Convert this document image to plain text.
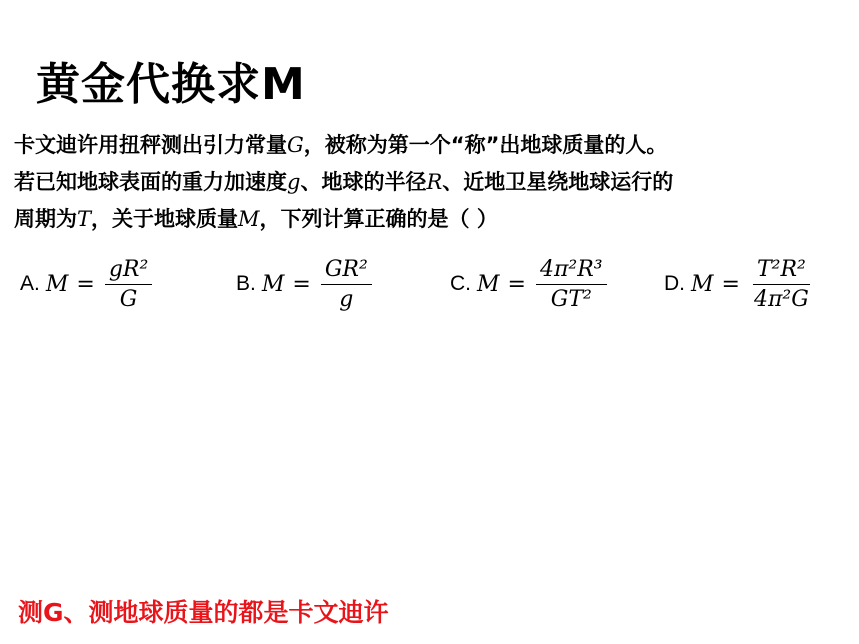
黄金代换求M
卡文迪许用扭秤测出引力常量G，被称为第一个“称”出地球质量的人。
若已知地球表面的重力加速度g、地球的半径R、近地卫星绕地球运行的
周期为T，关于地球质量M，下列计算正确的是（ ）
A. $M = \frac{\text{gR²}}{G}$	B. $M = \frac{\text{GR²}}{g}$	C. $M = \frac{\text{4π²R³}}{\text{GT²}}$	D. $M = \frac{\text{T²R²}}{\text{4π²G}}$
测G、测地球质量的都是卡文迪许
